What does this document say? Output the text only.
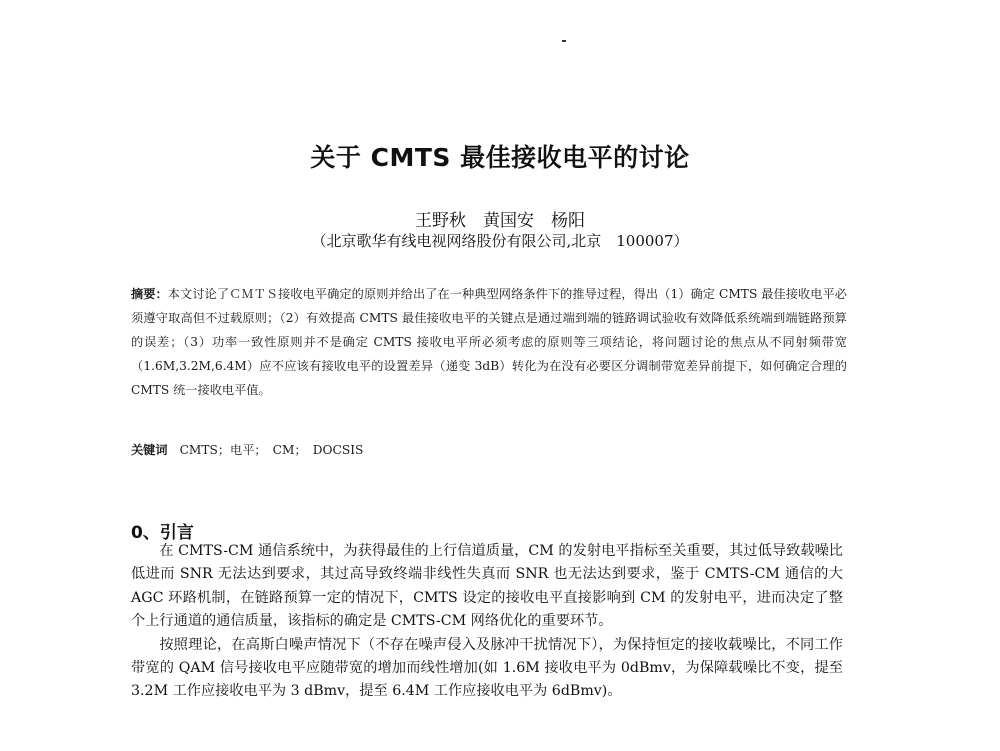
关于 CMTS 最佳接收电平的讨论
王野秋　黄国安　杨阳
（北京歌华有线电视网络股份有限公司,北京　100007）
摘要：本文讨论了ＣＭＴＳ接收电平确定的原则并给出了在一种典型网络条件下的推导过程，得出（1）确定 CMTS 最佳接收电平必须遵守取高但不过载原则；（2）有效提高 CMTS 最佳接收电平的关键点是通过端到端的链路调试验收有效降低系统端到端链路预算的误差；（3）功率一致性原则并不是确定 CMTS 接收电平所必须考虑的原则等三项结论，将问题讨论的焦点从不同射频带宽（1.6M,3.2M,6.4M）应不应该有接收电平的设置差异（递变 3dB）转化为在没有必要区分调制带宽差异前提下，如何确定合理的 CMTS 统一接收电平值。
关键词 CMTS；电平；　CM；　DOCSIS
0、引言

在 CMTS-CM 通信系统中，为获得最佳的上行信道质量，CM 的发射电平指标至关重要，其过低导致载噪比低进而 SNR 无法达到要求，其过高导致终端非线性失真而 SNR 也无法达到要求，鉴于 CMTS-CM 通信的大 AGC 环路机制，在链路预算一定的情况下，CMTS 设定的接收电平直接影响到 CM 的发射电平，进而决定了整个上行通道的通信质量，该指标的确定是 CMTS-CM 网络优化的重要环节。

按照理论，在高斯白噪声情况下（不存在噪声侵入及脉冲干扰情况下），为保持恒定的接收载噪比，不同工作带宽的 QAM 信号接收电平应随带宽的增加而线性增加(如 1.6M 接收电平为 0dBmv，为保障载噪比不变，提至 3.2M 工作应接收电平为 3 dBmv，提至 6.4M 工作应接收电平为 6dBmv)。
